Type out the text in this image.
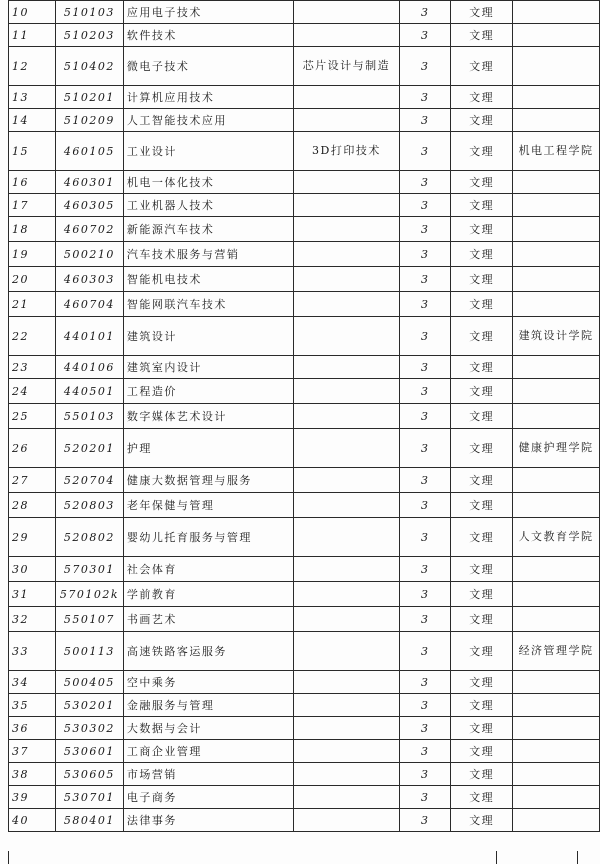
10	510103	应用电子技术		3	文理	
11	510203	软件技术		3	文理	
12	510402	微电子技术	芯片设计与制造	3	文理	
13	510201	计算机应用技术		3	文理	
14	510209	人工智能技术应用		3	文理	
15	460105	工业设计	3D打印技术	3	文理	机电工程学院
16	460301	机电一体化技术		3	文理	
17	460305	工业机器人技术		3	文理	
18	460702	新能源汽车技术		3	文理	
19	500210	汽车技术服务与营销		3	文理	
20	460303	智能机电技术		3	文理	
21	460704	智能网联汽车技术		3	文理	
22	440101	建筑设计		3	文理	建筑设计学院
23	440106	建筑室内设计		3	文理	
24	440501	工程造价		3	文理	
25	550103	数字媒体艺术设计		3	文理	
26	520201	护理		3	文理	健康护理学院
27	520704	健康大数据管理与服务		3	文理	
28	520803	老年保健与管理		3	文理	
29	520802	婴幼儿托育服务与管理		3	文理	人文教育学院
30	570301	社会体育		3	文理	
31	570102k	学前教育		3	文理	
32	550107	书画艺术		3	文理	
33	500113	高速铁路客运服务		3	文理	经济管理学院
34	500405	空中乘务		3	文理	
35	530201	金融服务与管理		3	文理	
36	530302	大数据与会计		3	文理	
37	530601	工商企业管理		3	文理	
38	530605	市场营销		3	文理	
39	530701	电子商务		3	文理	
40	580401	法律事务		3	文理	
